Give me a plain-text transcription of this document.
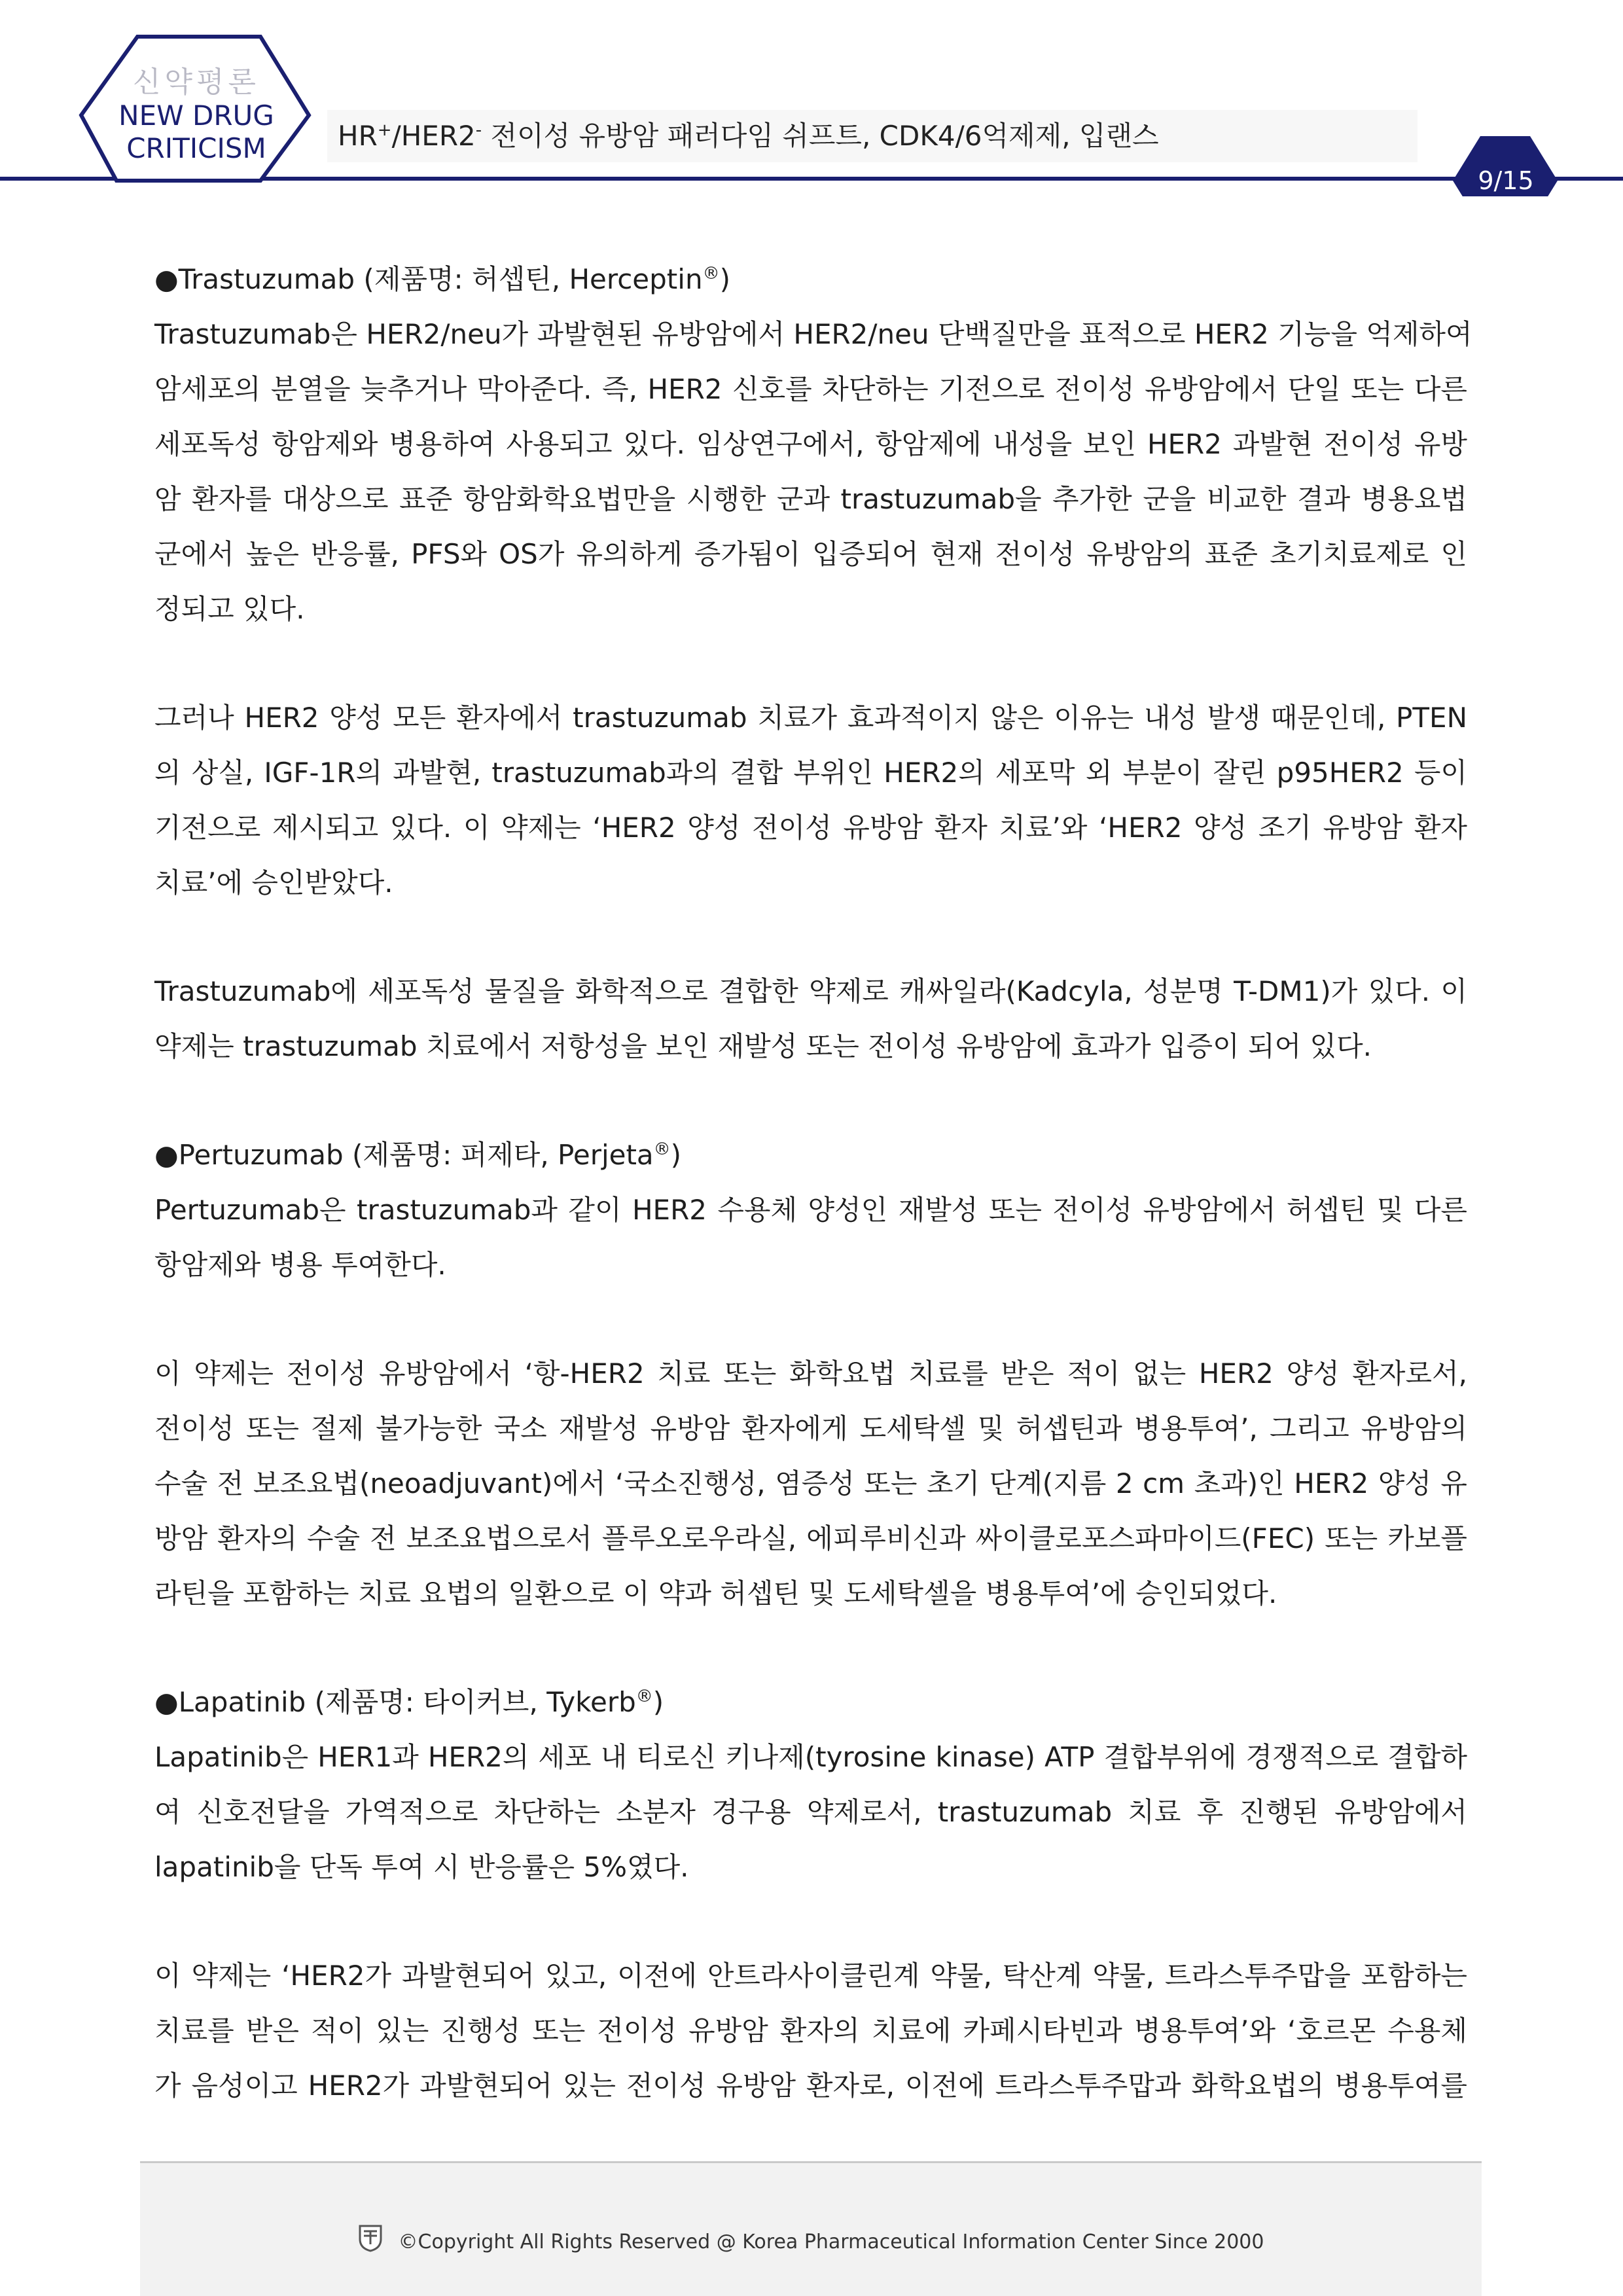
신약평론
NEW DRUG
CRITICISM	HR+/HER2- 전이성 유방암 패러다임 쉬프트, CDK4/6억제제, 입랜스
9/15
●Trastuzumab (제품명: 허셉틴, Herceptin®)
Trastuzumab은 HER2/neu가 과발현된 유방암에서 HER2/neu 단백질만을 표적으로 HER2 기능을 억제하여
암세포의 분열을 늦추거나 막아준다. 즉, HER2 신호를 차단하는 기전으로 전이성 유방암에서 단일 또는 다른
세포독성 항암제와 병용하여 사용되고 있다. 임상연구에서, 항암제에 내성을 보인 HER2 과발현 전이성 유방
암 환자를 대상으로 표준 항암화학요법만을 시행한 군과 trastuzumab을 추가한 군을 비교한 결과 병용요법
군에서 높은 반응률, PFS와 OS가 유의하게 증가됨이 입증되어 현재 전이성 유방암의 표준 초기치료제로 인
정되고 있다.
그러나 HER2 양성 모든 환자에서 trastuzumab 치료가 효과적이지 않은 이유는 내성 발생 때문인데, PTEN
의 상실, IGF-1R의 과발현, trastuzumab과의 결합 부위인 HER2의 세포막 외 부분이 잘린 p95HER2 등이
기전으로 제시되고 있다. 이 약제는 ‘HER2 양성 전이성 유방암 환자 치료’와 ‘HER2 양성 조기 유방암 환자
치료’에 승인받았다.
Trastuzumab에 세포독성 물질을 화학적으로 결합한 약제로 캐싸일라(Kadcyla, 성분명 T-DM1)가 있다. 이
약제는 trastuzumab 치료에서 저항성을 보인 재발성 또는 전이성 유방암에 효과가 입증이 되어 있다.
●Pertuzumab (제품명: 퍼제타, Perjeta®)
Pertuzumab은 trastuzumab과 같이 HER2 수용체 양성인 재발성 또는 전이성 유방암에서 허셉틴 및 다른
항암제와 병용 투여한다.
이 약제는 전이성 유방암에서 ‘항-HER2 치료 또는 화학요법 치료를 받은 적이 없는 HER2 양성 환자로서,
전이성 또는 절제 불가능한 국소 재발성 유방암 환자에게 도세탁셀 및 허셉틴과 병용투여’, 그리고 유방암의
수술 전 보조요법(neoadjuvant)에서 ‘국소진행성, 염증성 또는 초기 단계(지름 2 cm 초과)인 HER2 양성 유
방암 환자의 수술 전 보조요법으로서 플루오로우라실, 에피루비신과 싸이클로포스파마이드(FEC) 또는 카보플
라틴을 포함하는 치료 요법의 일환으로 이 약과 허셉틴 및 도세탁셀을 병용투여’에 승인되었다.
●Lapatinib (제품명: 타이커브, Tykerb®)
Lapatinib은 HER1과 HER2의 세포 내 티로신 키나제(tyrosine kinase) ATP 결합부위에 경쟁적으로 결합하
여 신호전달을 가역적으로 차단하는 소분자 경구용 약제로서, trastuzumab 치료 후 진행된 유방암에서
lapatinib을 단독 투여 시 반응률은 5%였다.
이 약제는 ‘HER2가 과발현되어 있고, 이전에 안트라사이클린계 약물, 탁산계 약물, 트라스투주맙을 포함하는
치료를 받은 적이 있는 진행성 또는 전이성 유방암 환자의 치료에 카페시타빈과 병용투여’와 ‘호르몬 수용체
가 음성이고 HER2가 과발현되어 있는 전이성 유방암 환자로, 이전에 트라스투주맙과 화학요법의 병용투여를
©Copyright All Rights Reserved @ Korea Pharmaceutical Information Center Since 2000
